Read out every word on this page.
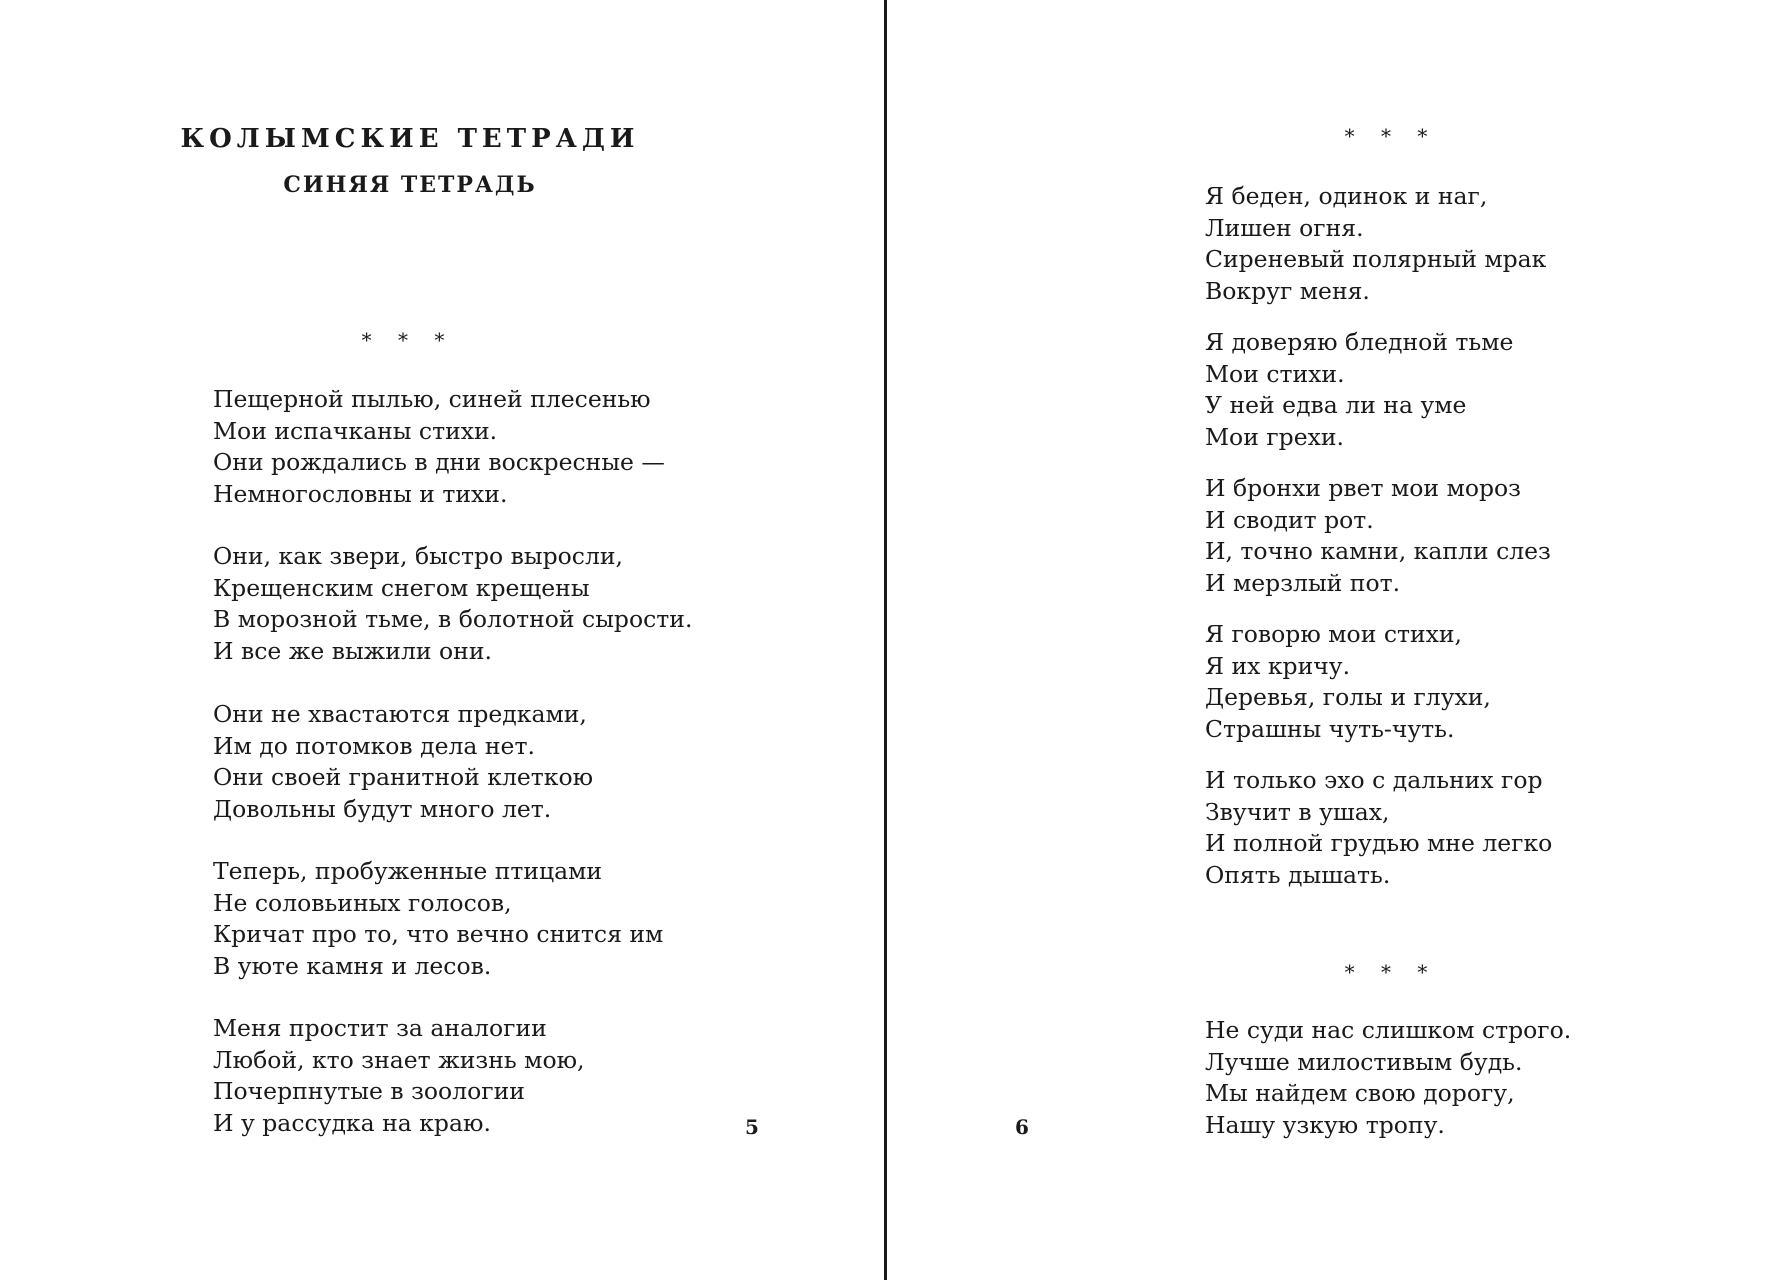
КОЛЫМСКИЕ ТЕТРАДИ
СИНЯЯ ТЕТРАДЬ
* * *

Пещерной пылью, синей плесенью
Мои испачканы стихи.
Они рождались в дни воскресные —
Немногословны и тихи.

Они, как звери, быстро выросли,
Крещенским снегом крещены
В морозной тьме, в болотной сырости.
И все же выжили они.

Они не хвастаются предками,
Им до потомков дела нет.
Они своей гранитной клеткою
Довольны будут много лет.

Теперь, пробуженные птицами
Не соловьиных голосов,
Кричат про то, что вечно снится им
В уюте камня и лесов.

Меня простит за аналогии
Любой, кто знает жизнь мою,
Почерпнутые в зоологии
И у рассудка на краю.	5
* * *

Я беден, одинок и наг,
Лишен огня.
Сиреневый полярный мрак
Вокруг меня.

Я доверяю бледной тьме
Мои стихи.
У ней едва ли на уме
Мои грехи.

И бронхи рвет мои мороз
И сводит рот.
И, точно камни, капли слез
И мерзлый пот.

Я говорю мои стихи,
Я их кричу.
Деревья, голы и глухи,
Страшны чуть-чуть.

И только эхо с дальних гор
Звучит в ушах,
И полной грудью мне легко
Опять дышать.

* * *

Не суди нас слишком строго.
Лучше милостивым будь.
Мы найдем свою дорогу,
Нашу узкую тропу.

6
